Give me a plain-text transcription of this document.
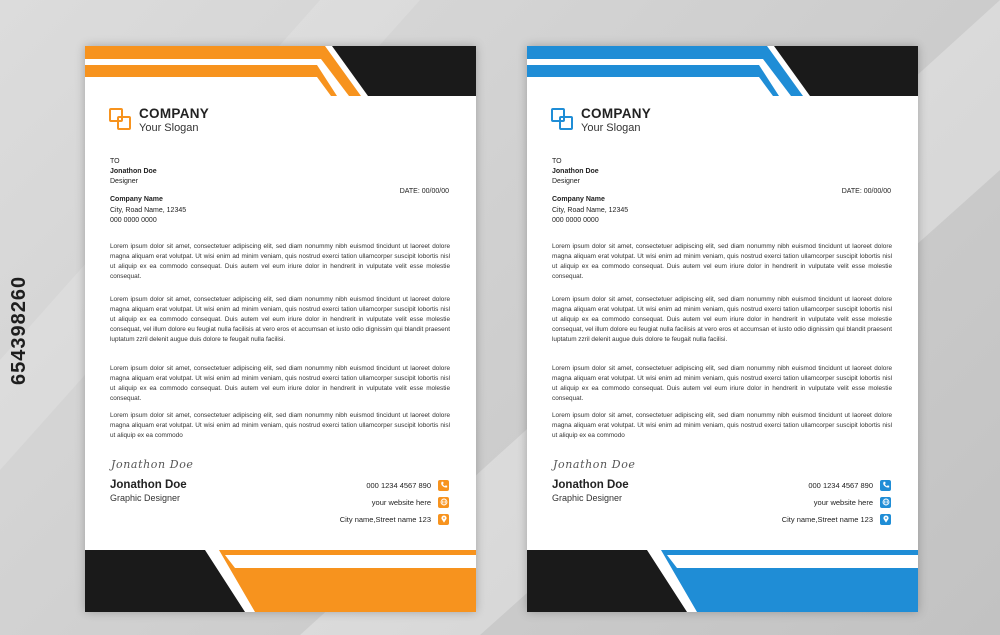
654398260
COMPANY
Your Slogan
TO
Jonathon Doe
Designer
DATE: 00/00/00
Company Name
City, Road Name, 12345
000 0000 0000
Lorem ipsum dolor sit amet, consectetuer adipiscing elit, sed diam nonummy nibh euismod tincidunt ut laoreet dolore magna aliquam erat volutpat. Ut wisi enim ad minim veniam, quis nostrud exerci tation ullamcorper suscipit lobortis nisl ut aliquip ex ea commodo consequat. Duis autem vel eum iriure dolor in hendrerit in vulputate velit esse molestie consequat.
Lorem ipsum dolor sit amet, consectetuer adipiscing elit, sed diam nonummy nibh euismod tincidunt ut laoreet dolore magna aliquam erat volutpat. Ut wisi enim ad minim veniam, quis nostrud exerci tation ullamcorper suscipit lobortis nisl ut aliquip ex ea commodo consequat. Duis autem vel eum iriure dolor in hendrerit in vulputate velit esse molestie consequat, vel illum dolore eu feugiat nulla facilisis at vero eros et accumsan et iusto odio dignissim qui blandit praesent luptatum zzril delenit augue duis dolore te feugait nulla facilisi.
Lorem ipsum dolor sit amet, consectetuer adipiscing elit, sed diam nonummy nibh euismod tincidunt ut laoreet dolore magna aliquam erat volutpat. Ut wisi enim ad minim veniam, quis nostrud exerci tation ullamcorper suscipit lobortis nisl ut aliquip ex ea commodo consequat. Duis autem vel eum iriure dolor in hendrerit in vulputate velit esse molestie consequat.
Lorem ipsum dolor sit amet, consectetuer adipiscing elit, sed diam nonummy nibh euismod tincidunt ut laoreet dolore magna aliquam erat volutpat. Ut wisi enim ad minim veniam, quis nostrud exerci tation ullamcorper suscipit lobortis nisl ut aliquip ex ea commodo
Jonathon Doe
Jonathon Doe
Graphic Designer
000 1234 4567 890
your website here
City name,Street name 123
COMPANY
Your Slogan
TO
Jonathon Doe
Designer
DATE: 00/00/00
Company Name
City, Road Name, 12345
000 0000 0000
Lorem ipsum dolor sit amet, consectetuer adipiscing elit, sed diam nonummy nibh euismod tincidunt ut laoreet dolore magna aliquam erat volutpat. Ut wisi enim ad minim veniam, quis nostrud exerci tation ullamcorper suscipit lobortis nisl ut aliquip ex ea commodo consequat. Duis autem vel eum iriure dolor in hendrerit in vulputate velit esse molestie consequat.
Lorem ipsum dolor sit amet, consectetuer adipiscing elit, sed diam nonummy nibh euismod tincidunt ut laoreet dolore magna aliquam erat volutpat. Ut wisi enim ad minim veniam, quis nostrud exerci tation ullamcorper suscipit lobortis nisl ut aliquip ex ea commodo consequat. Duis autem vel eum iriure dolor in hendrerit in vulputate velit esse molestie consequat, vel illum dolore eu feugiat nulla facilisis at vero eros et accumsan et iusto odio dignissim qui blandit praesent luptatum zzril delenit augue duis dolore te feugait nulla facilisi.
Lorem ipsum dolor sit amet, consectetuer adipiscing elit, sed diam nonummy nibh euismod tincidunt ut laoreet dolore magna aliquam erat volutpat. Ut wisi enim ad minim veniam, quis nostrud exerci tation ullamcorper suscipit lobortis nisl ut aliquip ex ea commodo consequat. Duis autem vel eum iriure dolor in hendrerit in vulputate velit esse molestie consequat.
Lorem ipsum dolor sit amet, consectetuer adipiscing elit, sed diam nonummy nibh euismod tincidunt ut laoreet dolore magna aliquam erat volutpat. Ut wisi enim ad minim veniam, quis nostrud exerci tation ullamcorper suscipit lobortis nisl ut aliquip ex ea commodo
Jonathon Doe
Jonathon Doe
Graphic Designer
000 1234 4567 890
your website here
City name,Street name 123
